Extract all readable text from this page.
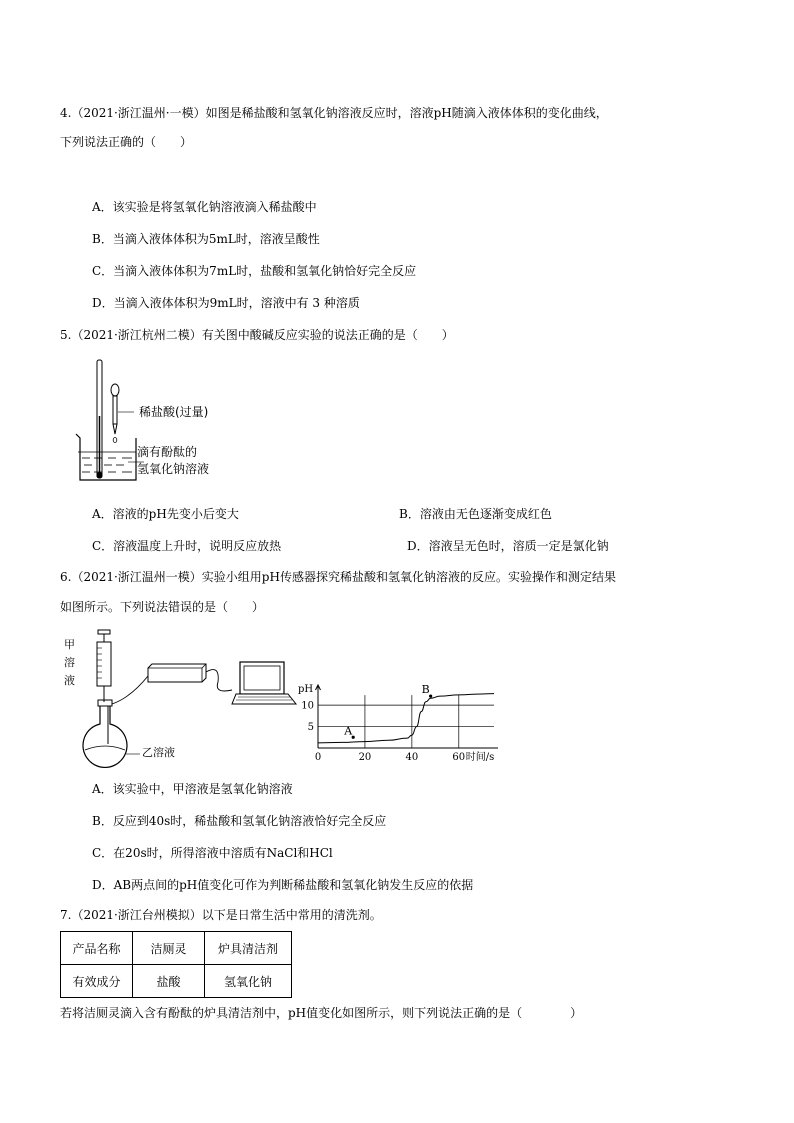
4.（2021·浙江温州·一模）如图是稀盐酸和氢氧化钠溶液反应时，溶液pH随滴入液体体积的变化曲线，
下列说法正确的（　　）
A．该实验是将氢氧化钠溶液滴入稀盐酸中
B．当滴入液体体积为5mL时，溶液呈酸性
C．当滴入液体体积为7mL时，盐酸和氢氧化钠恰好完全反应
D．当滴入液体体积为9mL时，溶液中有 3 种溶质
5.（2021·浙江杭州二模）有关图中酸碱反应实验的说法正确的是（　　）
稀盐酸(过量)
滴有酚酞的
氢氧化钠溶液
A．溶液的pH先变小后变大	B．溶液由无色逐渐变成红色
C．溶液温度上升时，说明反应放热	D．溶液呈无色时，溶质一定是氯化钠
6.（2021·浙江温州一模）实验小组用pH传感器探究稀盐酸和氢氧化钠溶液的反应。实验操作和测定结果
如图所示。下列说法错误的是（　　）
甲
溶
液
乙溶液	0	20	40	60
5
10
pH
时间/s
A
B
A．该实验中，甲溶液是氢氧化钠溶液
B．反应到40s时，稀盐酸和氢氧化钠溶液恰好完全反应
C．在20s时，所得溶液中溶质有NaCl和HCl
D．AB两点间的pH值变化可作为判断稀盐酸和氢氧化钠发生反应的依据
7.（2021·浙江台州模拟）以下是日常生活中常用的清洗剂。
产品名称	洁厕灵	炉具清洁剂
有效成分	盐酸	氢氧化钠
若将洁厕灵滴入含有酚酞的炉具清洁剂中，pH值变化如图所示，则下列说法正确的是（　　　　）
